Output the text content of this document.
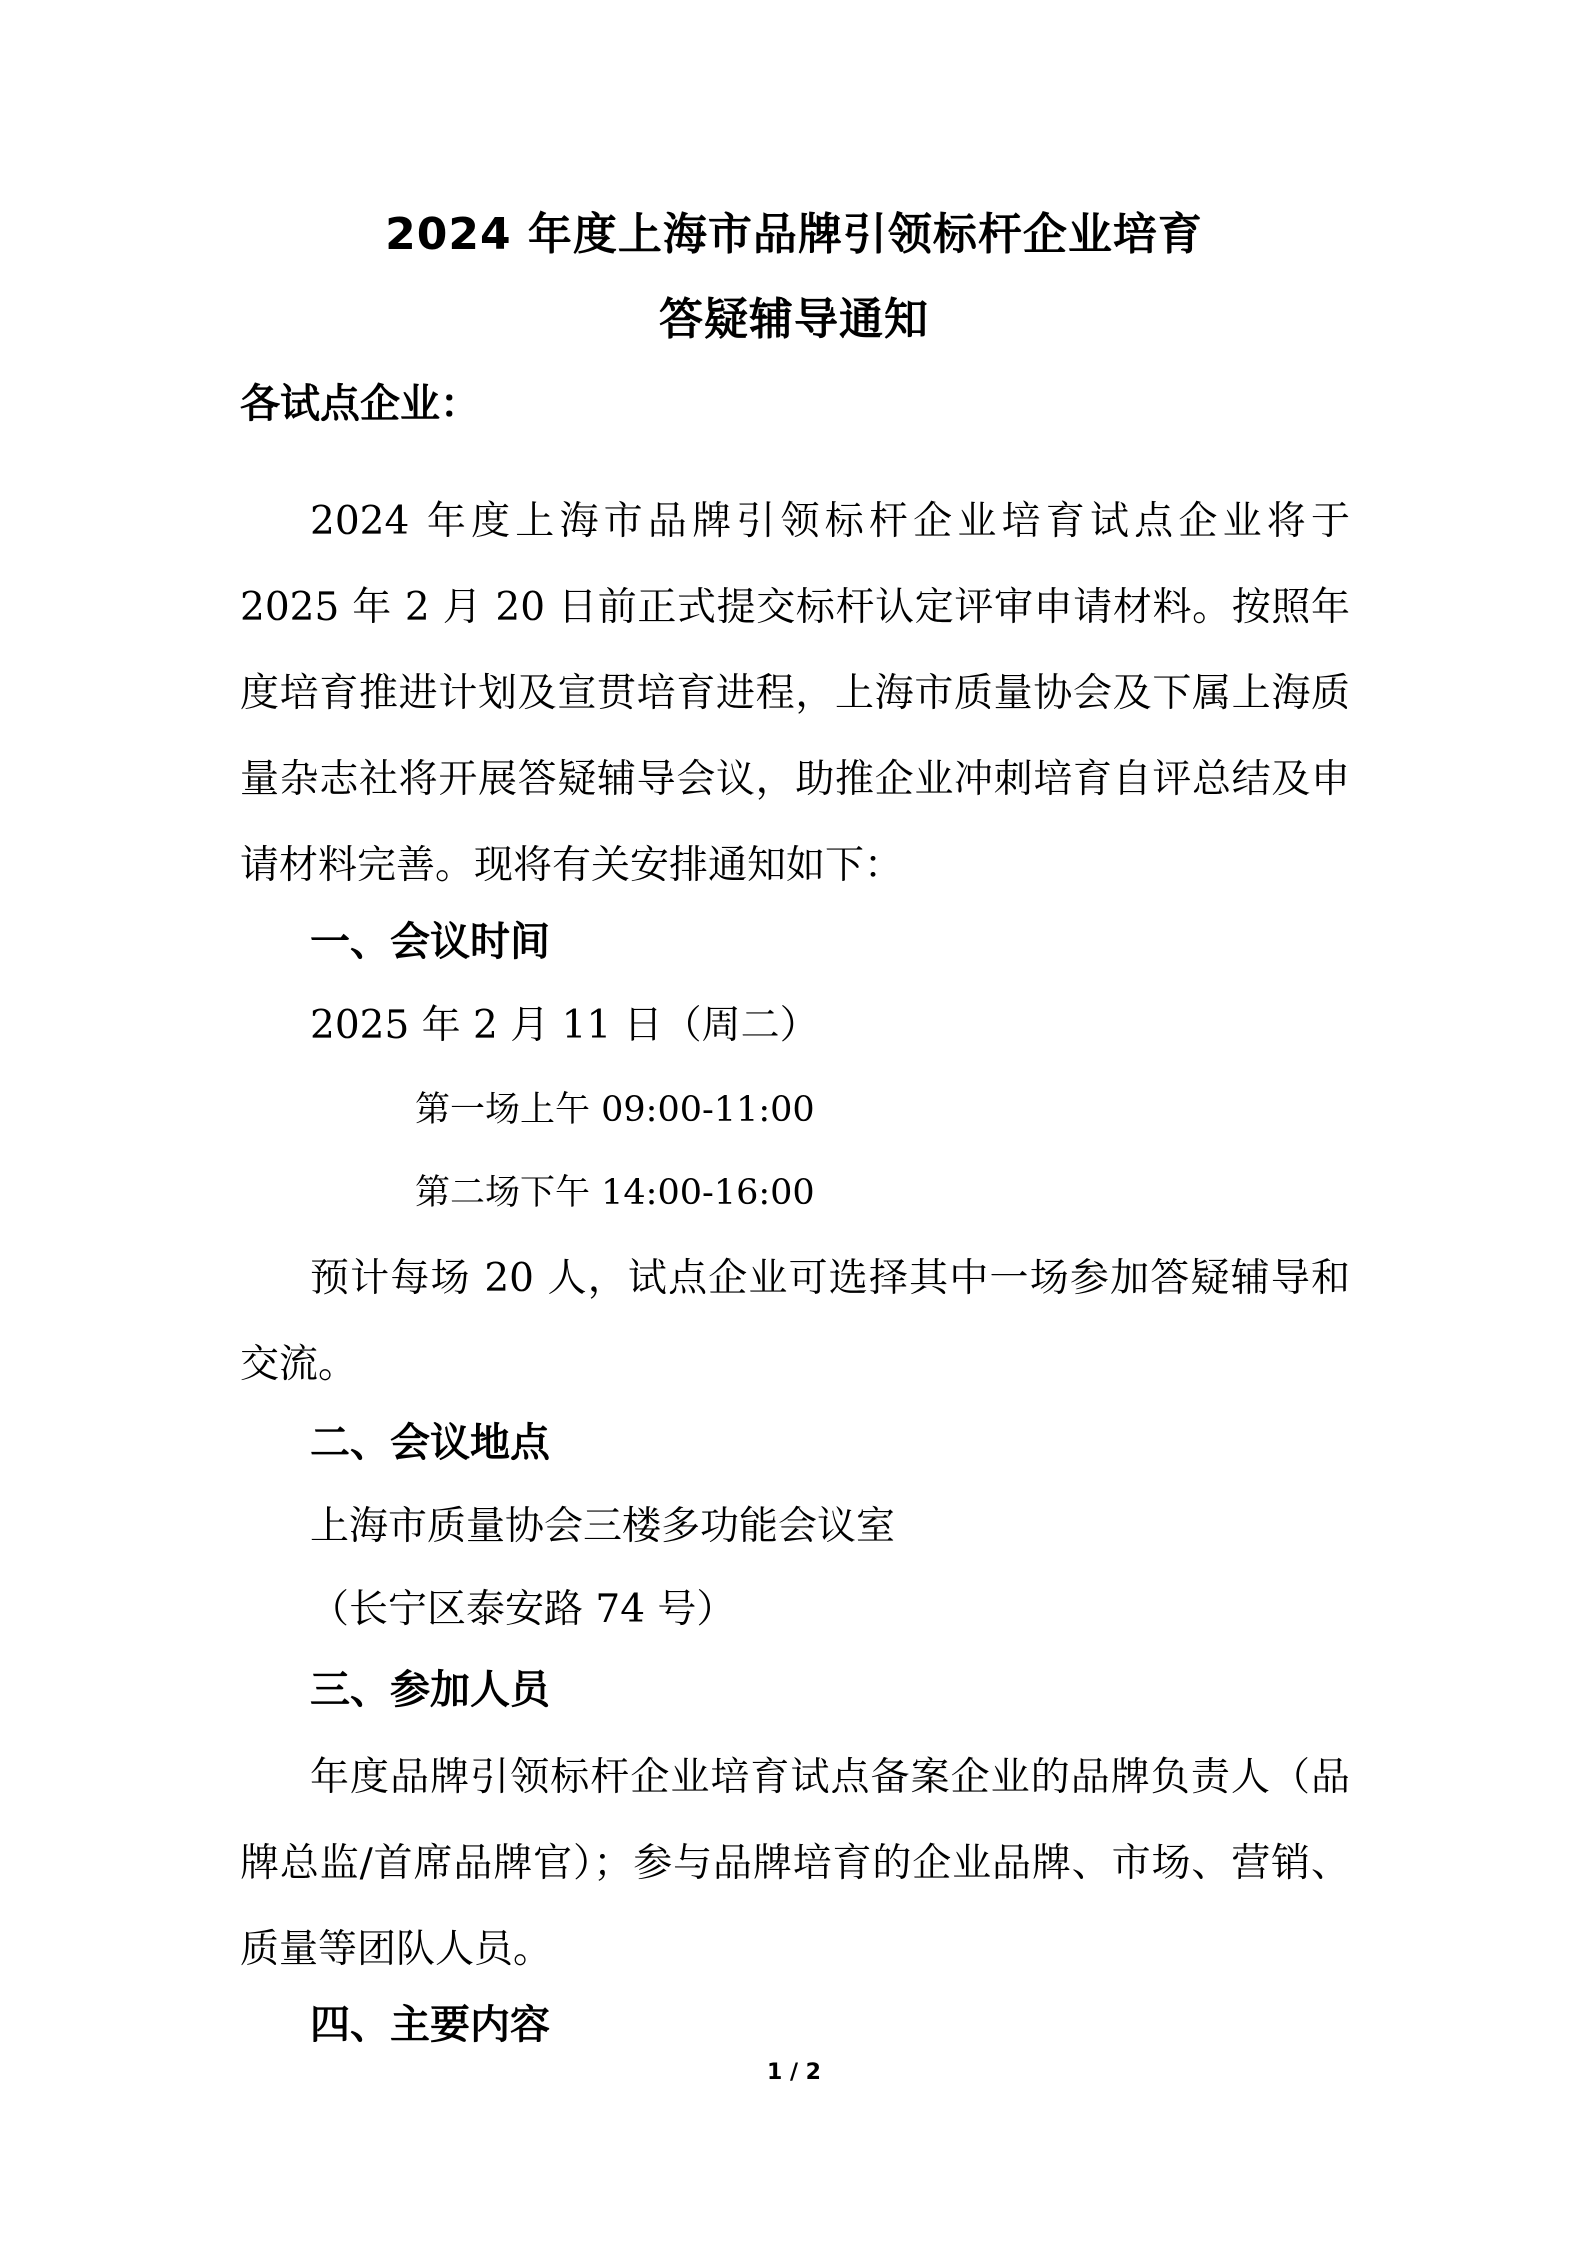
2024 年度上海市品牌引领标杆企业培育
答疑辅导通知
各试点企业：

2024 年度上海市品牌引领标杆企业培育试点企业将于 2025 年 2 月 20 日前正式提交标杆认定评审申请材料。按照年度培育推进计划及宣贯培育进程，上海市质量协会及下属上海质量杂志社将开展答疑辅导会议，助推企业冲刺培育自评总结及申请材料完善。现将有关安排通知如下：

一、会议时间
2025 年 2 月 11 日（周二）
第一场上午 09:00-11:00
第二场下午 14:00-16:00

预计每场 20 人，试点企业可选择其中一场参加答疑辅导和交流。

二、会议地点
上海市质量协会三楼多功能会议室
（长宁区泰安路 74 号）
三、参加人员

年度品牌引领标杆企业培育试点备案企业的品牌负责人（品牌总监/首席品牌官）；参与品牌培育的企业品牌、市场、营销、质量等团队人员。

四、主要内容
1 / 2
